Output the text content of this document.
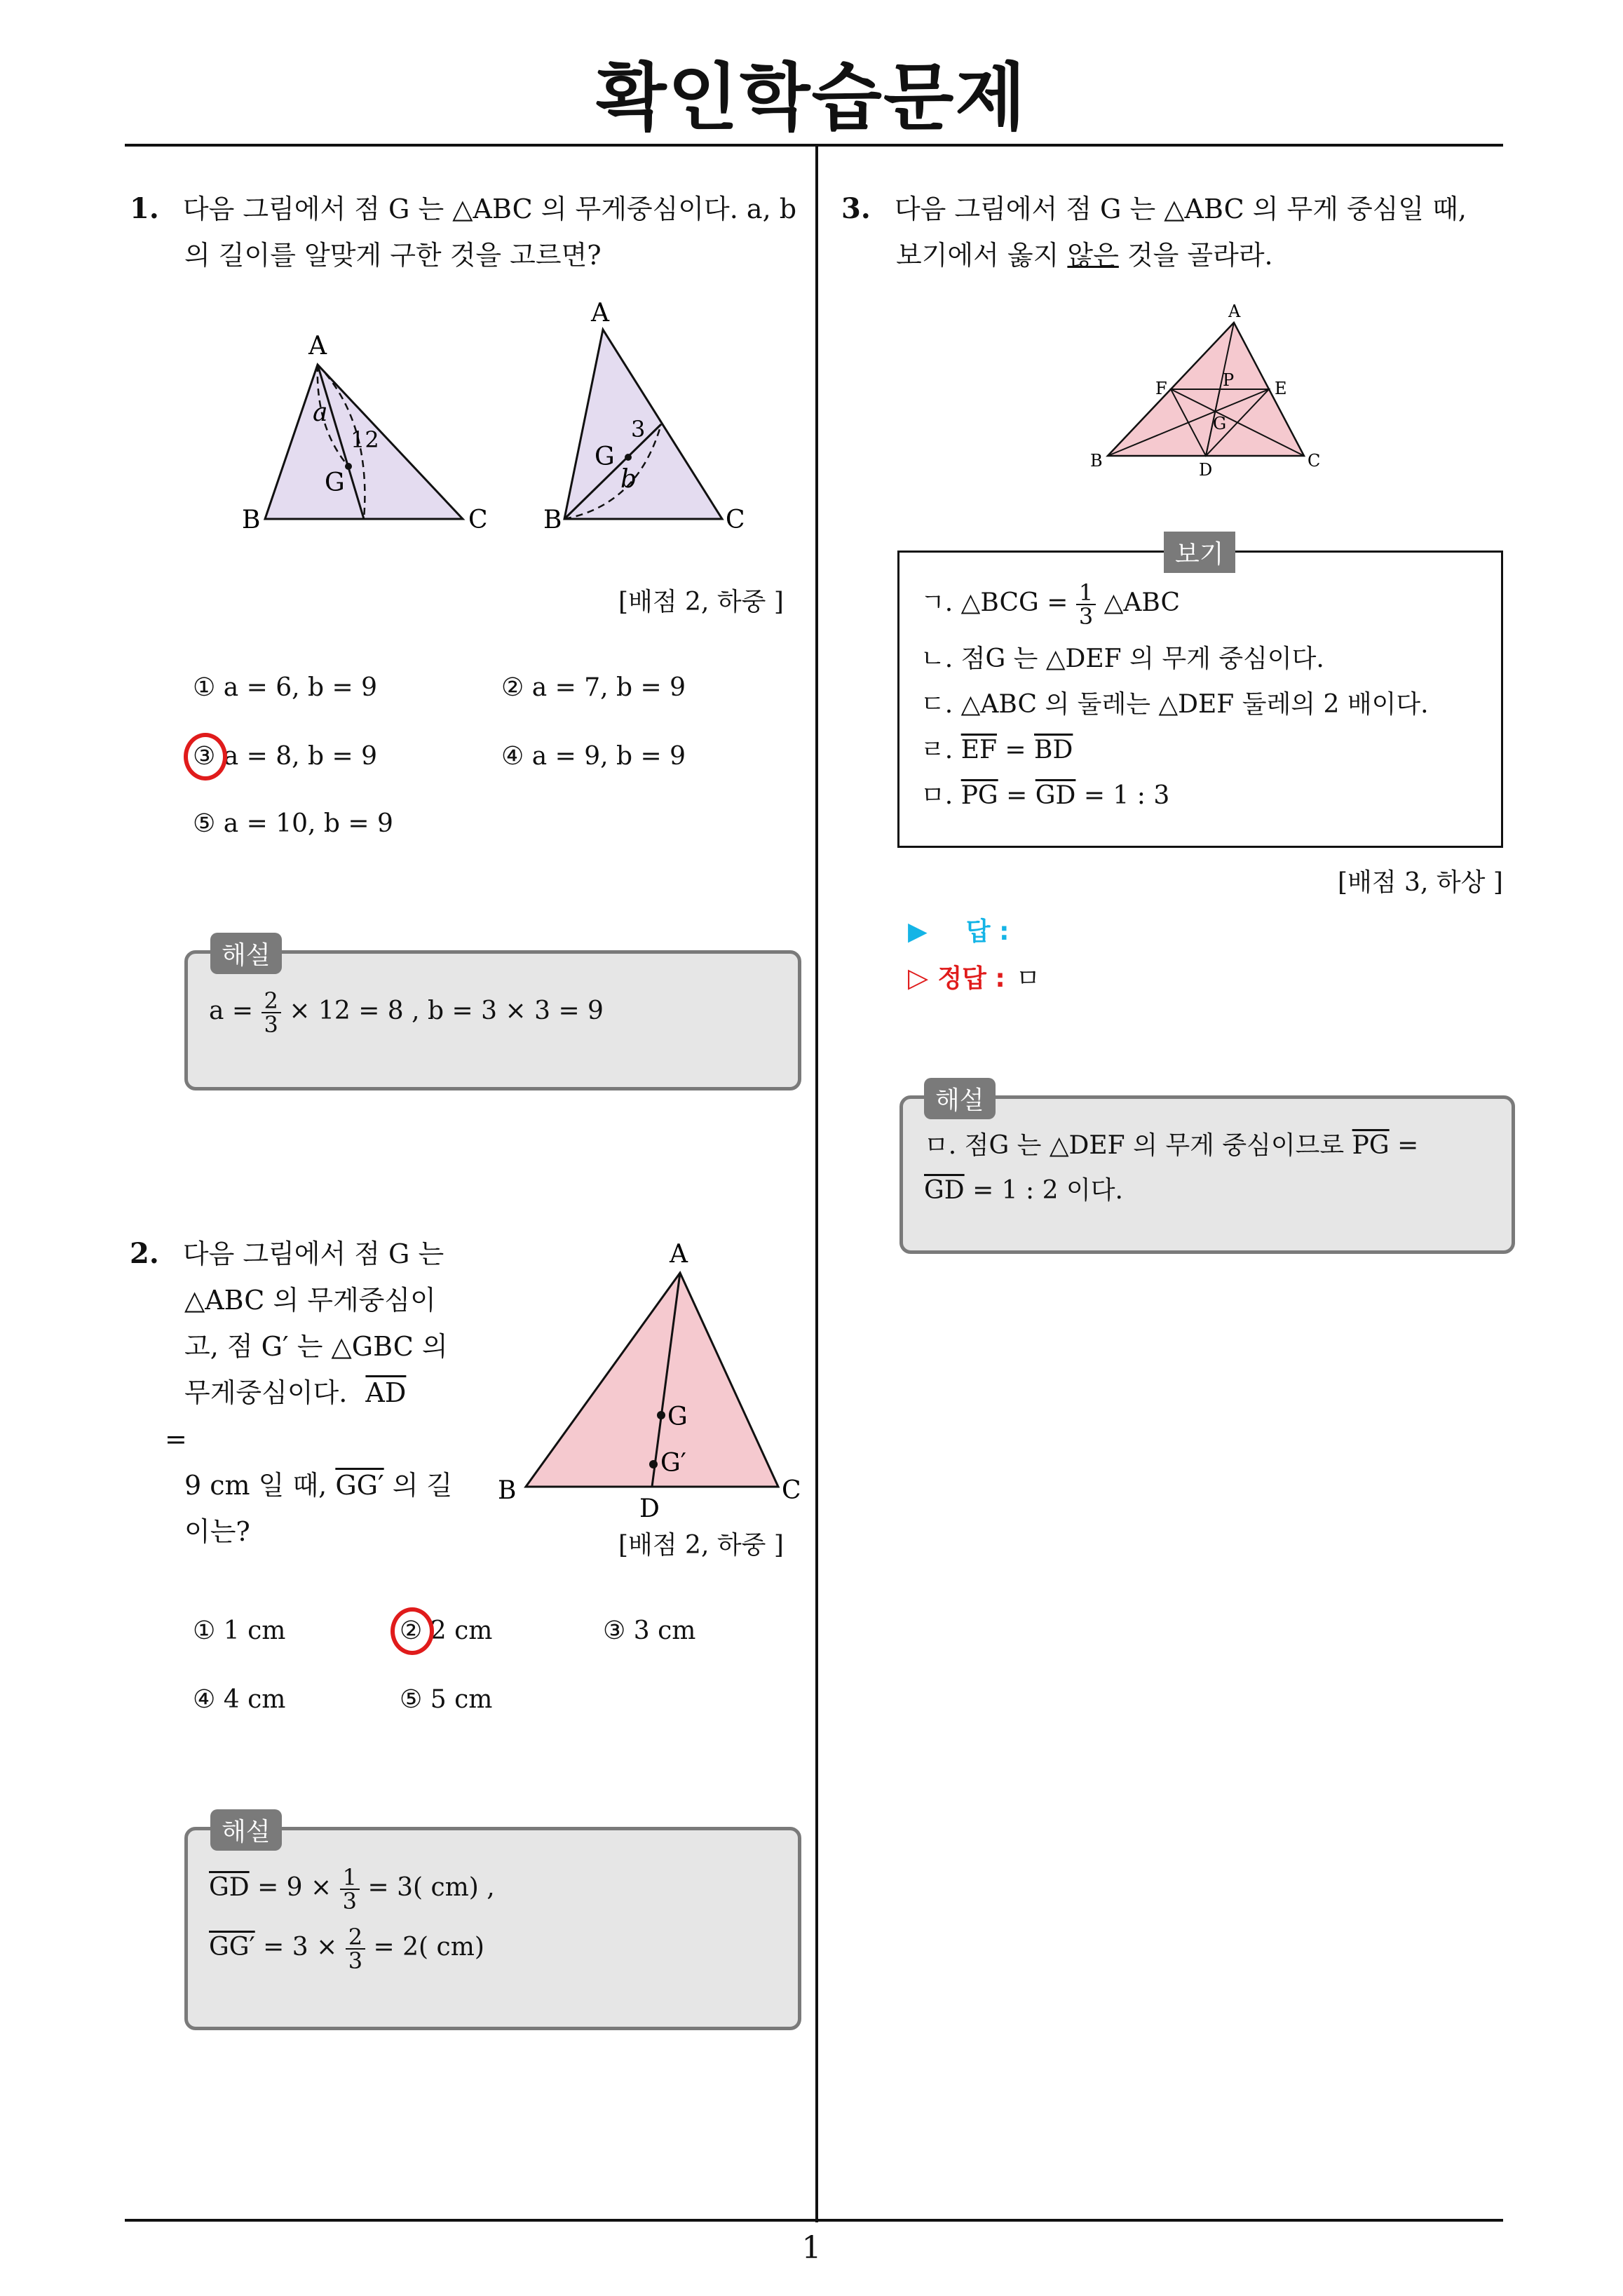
확인학습문제
1
1. 다음 그림에서 점 G 는 △ABC 의 무게중심이다. a, b
의 길이를 알맞게 구한 것을 고르면?
A
B	C
G
a
12
A
B	C
G
3
b
[배점 2, 하중 ]
① a = 6, b = 9	② a = 7, b = 9
③ a = 8, b = 9	④ a = 9, b = 9
⑤ a = 10, b = 9
$a = \frac{2}{3} \times 12 = 8$ , b = 3 × 3 = 9
해설
2. 다음 그림에서 점 G 는
△ABC 의 무게중심이
고, 점 G′ 는 △GBC 의
무게중심이다. $\overline{AD}$ =
9 cm 일 때, GG′ 의 길
이는?
A
B	C
D
G
G′
[배점 2, 하중 ]
① 1 cm	② 2 cm	③ 3 cm
④ 4 cm	⑤ 5 cm
$\overline{GD} = 9 \times \frac{1}{3} = 3$( cm) ,
$GG' = 3 \times \frac{2}{3} = 2$( cm)
해설
3. 다음 그림에서 점 G 는 △ABC 의 무게 중심일 때,
보기에서 옳지 않은 것을 골라라.
A
B	C
D
E
F	P
G
ㄱ. △BCG = $\frac{1}{3}$ △ABC
ㄴ. 점G 는 △DEF 의 무게 중심이다.
ㄷ. △ABC 의 둘레는 △DEF 둘레의 2 배이다.
ㄹ. $\overline{EF} = \overline{BD}$
ㅁ. $\overline{PG} = \overline{GD} = 1$ : 3
보기
[배점 3, 하상 ]
▶ 답 :
▷ 정답 : ㅁ
ㅁ. 점G 는 △DEF 의 무게 중심이므로 $\overline{PG}$ =
$\overline{GD} = 1$ : 2 이다.
해설
